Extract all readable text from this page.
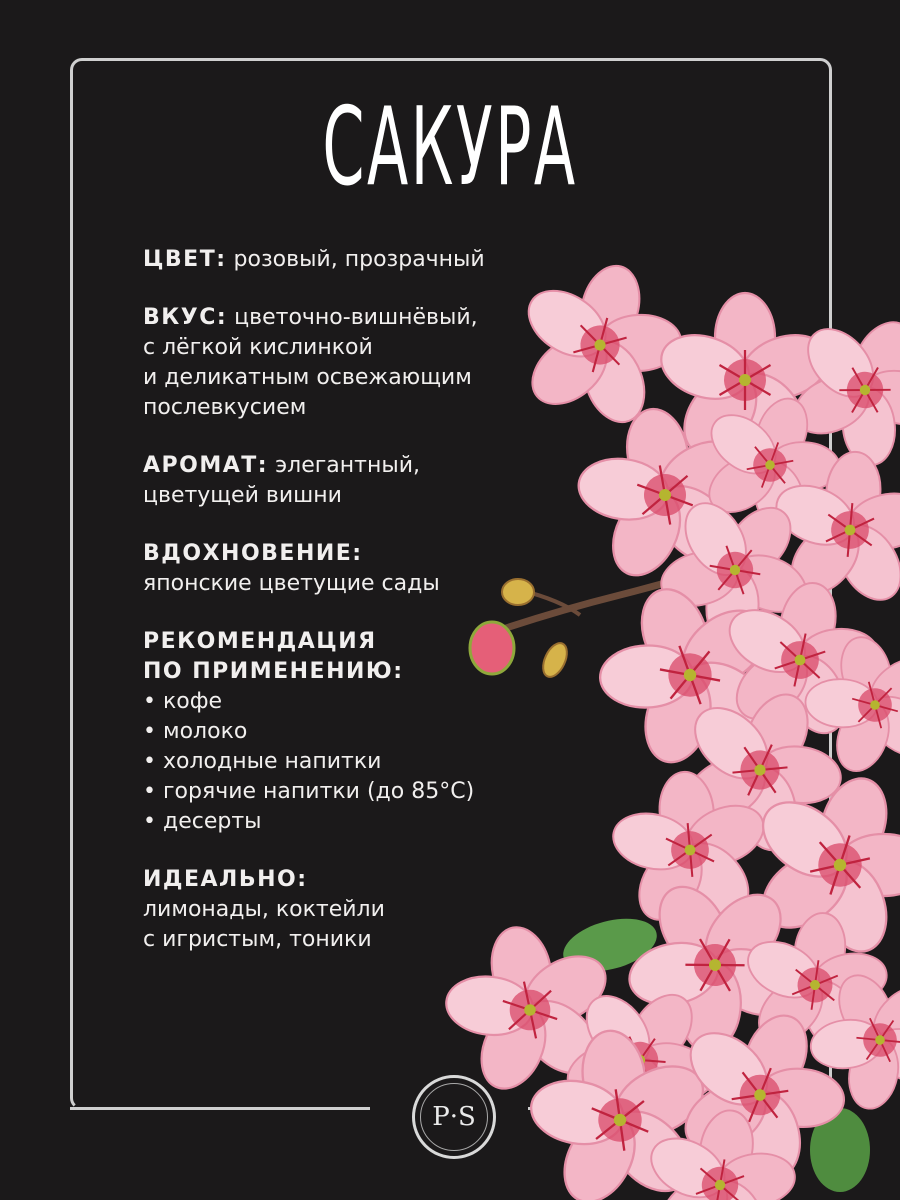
САКУРА
ЦВЕТ: розовый, прозрачный
ВКУС: цветочно-вишнёвый,
с лёгкой кислинкой
и деликатным освежающим
послевкусием
АРОМАТ: элегантный,
цветущей вишни
ВДОХНОВЕНИЕ:
японские цветущие сады
РЕКОМЕНДАЦИЯ
ПО ПРИМЕНЕНИЮ:
• кофе
• молоко
• холодные напитки
• горячие напитки (до 85°C)
• десерты
ИДЕАЛЬНО:
лимонады, коктейли
с игристым, тоники
P·S
